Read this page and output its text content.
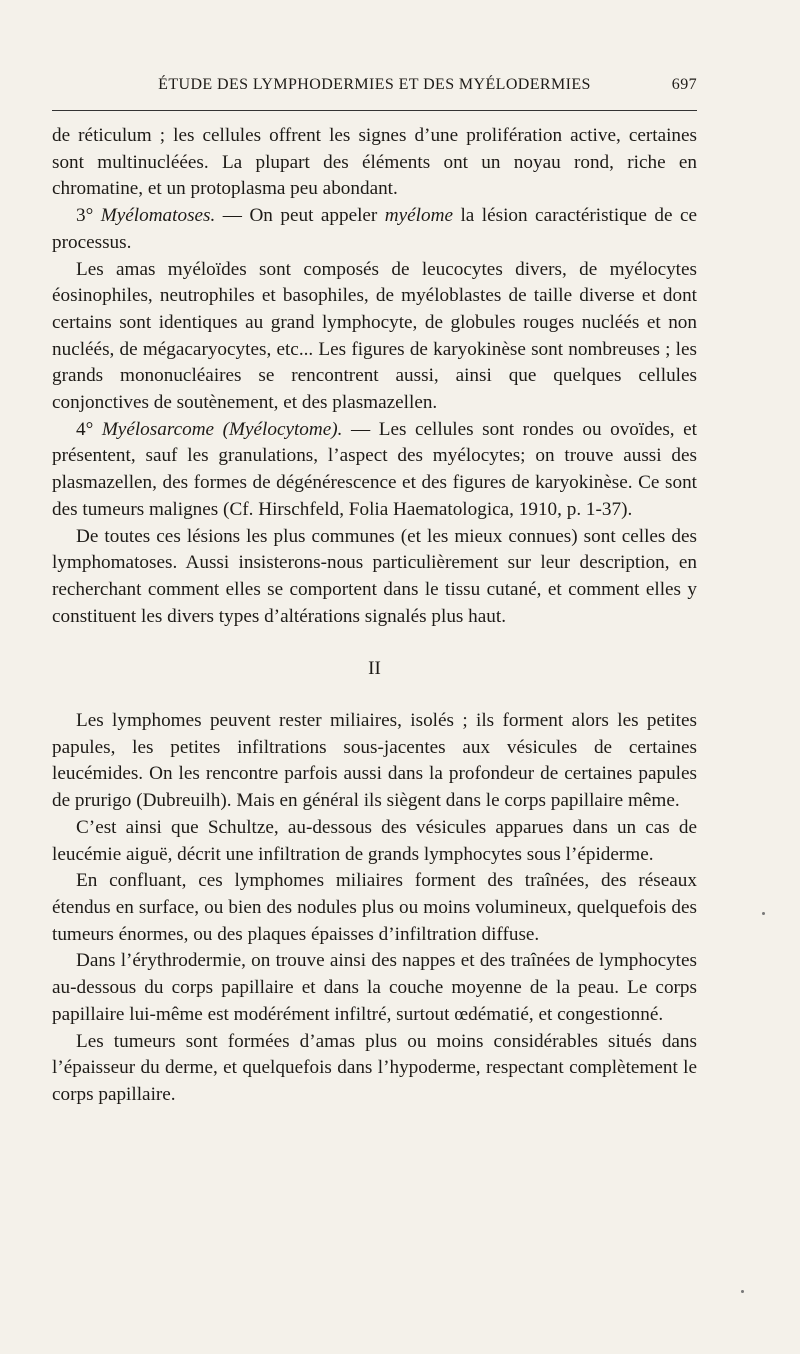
ÉTUDE DES LYMPHODERMIES ET DES MYÉLODERMIES	697

de réticulum ; les cellules offrent les signes d’une prolifération active, certaines sont multinucléées. La plupart des éléments ont un noyau rond, riche en chromatine, et un protoplasma peu abondant.

3° Myélomatoses. — On peut appeler myélome la lésion caractéristique de ce processus.

Les amas myéloïdes sont composés de leucocytes divers, de myélocytes éosinophiles, neutrophiles et basophiles, de myéloblastes de taille diverse et dont certains sont identiques au grand lymphocyte, de globules rouges nucléés et non nucléés, de mégacaryocytes, etc... Les figures de karyokinèse sont nombreuses ; les grands mononucléaires se rencontrent aussi, ainsi que quelques cellules conjonctives de soutènement, et des plasmazellen.

4° Myélosarcome (Myélocytome). — Les cellules sont rondes ou ovoïdes, et présentent, sauf les granulations, l’aspect des myélocytes; on trouve aussi des plasmazellen, des formes de dégénérescence et des figures de karyokinèse. Ce sont des tumeurs malignes (Cf. Hirschfeld, Folia Haematologica, 1910, p. 1-37).

De toutes ces lésions les plus communes (et les mieux connues) sont celles des lymphomatoses. Aussi insisterons-nous particulièrement sur leur description, en recherchant comment elles se comportent dans le tissu cutané, et comment elles y constituent les divers types d’altérations signalés plus haut.

II

Les lymphomes peuvent rester miliaires, isolés ; ils forment alors les petites papules, les petites infiltrations sous-jacentes aux vésicules de certaines leucémides. On les rencontre parfois aussi dans la profondeur de certaines papules de prurigo (Dubreuilh). Mais en général ils siègent dans le corps papillaire même.

C’est ainsi que Schultze, au-dessous des vésicules apparues dans un cas de leucémie aiguë, décrit une infiltration de grands lymphocytes sous l’épiderme.

En confluant, ces lymphomes miliaires forment des traînées, des réseaux étendus en surface, ou bien des nodules plus ou moins volumineux, quelquefois des tumeurs énormes, ou des plaques épaisses d’infiltration diffuse.

Dans l’érythrodermie, on trouve ainsi des nappes et des traînées de lymphocytes au-dessous du corps papillaire et dans la couche moyenne de la peau. Le corps papillaire lui-même est modérément infiltré, surtout œdématié, et congestionné.

Les tumeurs sont formées d’amas plus ou moins considérables situés dans l’épaisseur du derme, et quelquefois dans l’hypoderme, respectant complètement le corps papillaire.
